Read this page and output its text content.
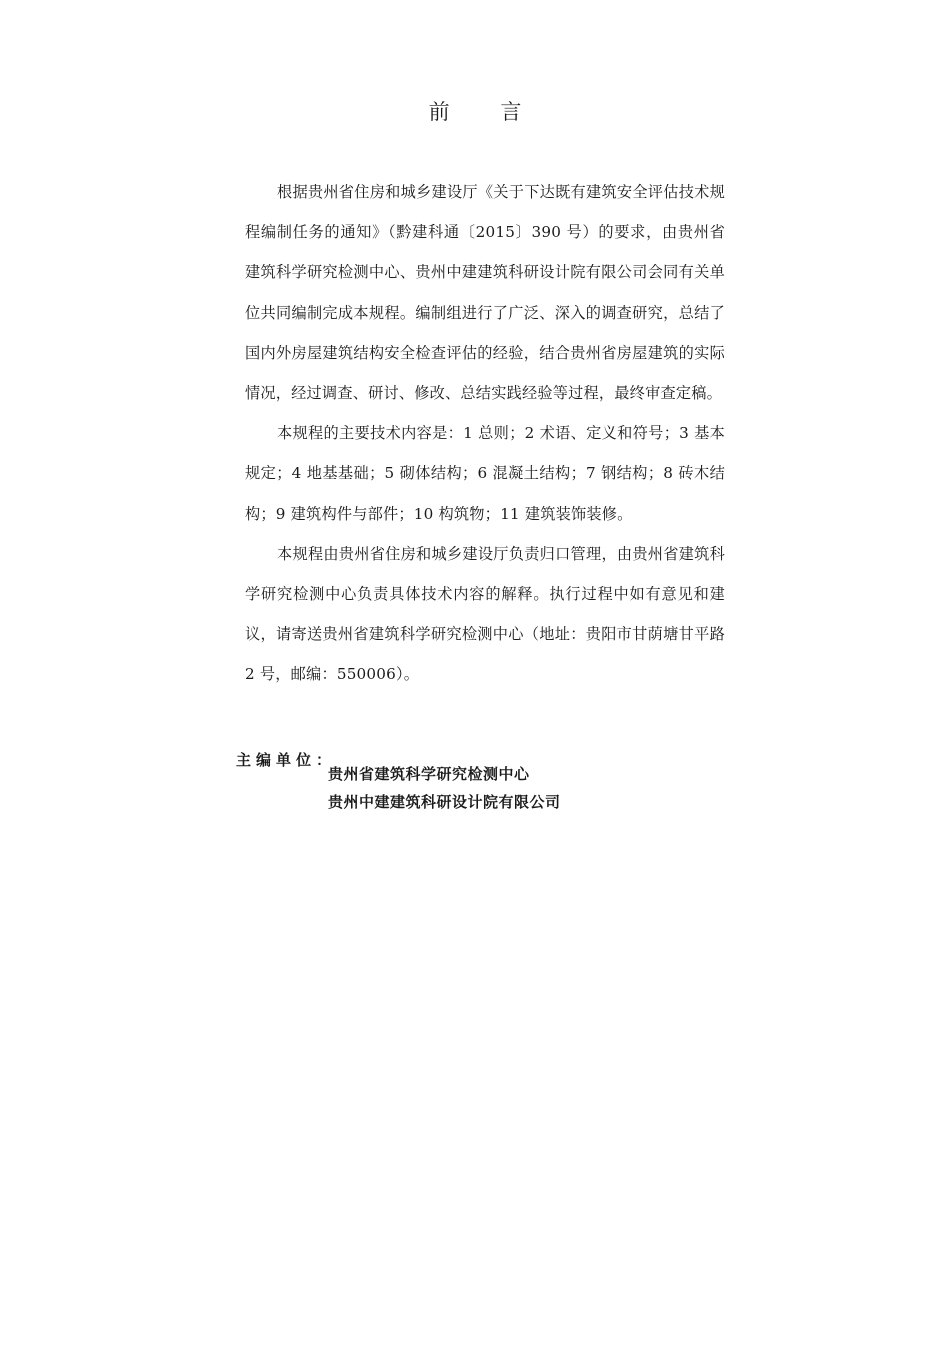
前 言

根据贵州省住房和城乡建设厅《关于下达既有建筑安全评估技术规程编制任务的通知》（黔建科通〔2015〕390 号）的要求，由贵州省建筑科学研究检测中心、贵州中建建筑科研设计院有限公司会同有关单位共同编制完成本规程。编制组进行了广泛、深入的调查研究，总结了国内外房屋建筑结构安全检查评估的经验，结合贵州省房屋建筑的实际情况，经过调查、研讨、修改、总结实践经验等过程，最终审查定稿。

本规程的主要技术内容是：1 总则；2 术语、定义和符号；3 基本规定；4 地基基础；5 砌体结构；6 混凝土结构；7 钢结构；8 砖木结构；9 建筑构件与部件；10 构筑物；11 建筑装饰装修。

本规程由贵州省住房和城乡建设厅负责归口管理，由贵州省建筑科学研究检测中心负责具体技术内容的解释。执行过程中如有意见和建议，请寄送贵州省建筑科学研究检测中心（地址：贵阳市甘荫塘甘平路 2 号，邮编：550006）。

主编单位：
贵州省建筑科学研究检测中心
贵州中建建筑科研设计院有限公司
